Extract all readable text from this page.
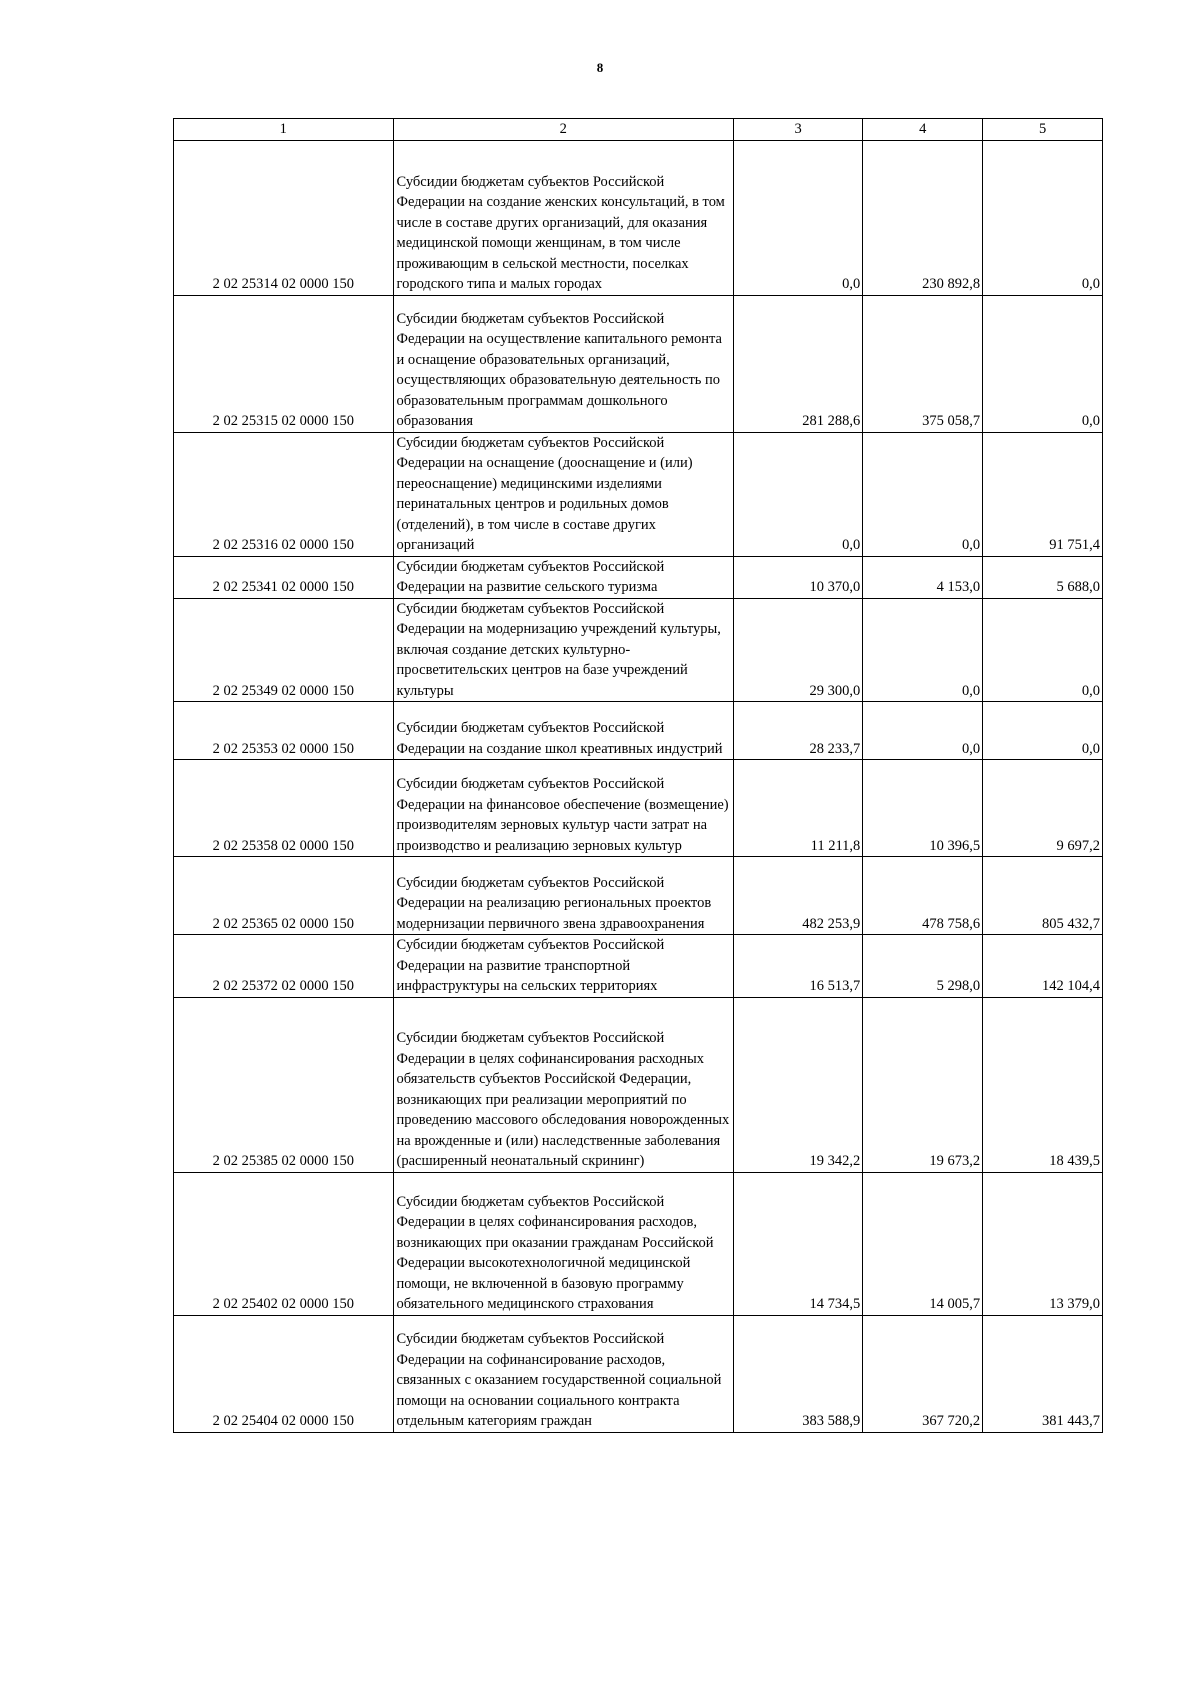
8
1	2	3	4	5
2 02 25314 02 0000 150	Субсидии бюджетам субъектов Российской Федерации на создание женских консультаций, в том числе в составе других организаций, для оказания медицинской помощи женщинам, в том числе проживающим в сельской местности, поселках городского типа и малых городах	0,0	230 892,8	0,0
2 02 25315 02 0000 150	Субсидии бюджетам субъектов Российской Федерации на осуществление капитального ремонта и оснащение образовательных организаций, осуществляющих образовательную деятельность по образовательным программам дошкольного образования	281 288,6	375 058,7	0,0
2 02 25316 02 0000 150	Субсидии бюджетам субъектов Российской Федерации на оснащение (дооснащение и (или) переоснащение) медицинскими изделиями перинатальных центров и родильных домов (отделений), в том числе в составе других организаций	0,0	0,0	91 751,4
2 02 25341 02 0000 150	Субсидии бюджетам субъектов Российской Федерации на развитие сельского туризма	10 370,0	4 153,0	5 688,0
2 02 25349 02 0000 150	Субсидии бюджетам субъектов Российской Федерации на модернизацию учреждений культуры, включая создание детских культурно-просветительских центров на базе учреждений культуры	29 300,0	0,0	0,0
2 02 25353 02 0000 150	Субсидии бюджетам субъектов Российской Федерации на создание школ креативных индустрий	28 233,7	0,0	0,0
2 02 25358 02 0000 150	Субсидии бюджетам субъектов Российской Федерации на финансовое обеспечение (возмещение) производителям зерновых культур части затрат на производство и реализацию зерновых культур	11 211,8	10 396,5	9 697,2
2 02 25365 02 0000 150	Субсидии бюджетам субъектов Российской Федерации на реализацию региональных проектов модернизации первичного звена здравоохранения	482 253,9	478 758,6	805 432,7
2 02 25372 02 0000 150	Субсидии бюджетам субъектов Российской Федерации на развитие транспортной инфраструктуры на сельских территориях	16 513,7	5 298,0	142 104,4
2 02 25385 02 0000 150	Субсидии бюджетам субъектов Российской Федерации в целях софинансирования расходных обязательств субъектов Российской Федерации, возникающих при реализации мероприятий по проведению массового обследования новорожденных на врожденные и (или) наследственные заболевания (расширенный неонатальный скрининг)	19 342,2	19 673,2	18 439,5
2 02 25402 02 0000 150	Субсидии бюджетам субъектов Российской Федерации в целях софинансирования расходов, возникающих при оказании гражданам Российской Федерации высокотехнологичной медицинской помощи, не включенной в базовую программу обязательного медицинского страхования	14 734,5	14 005,7	13 379,0
2 02 25404 02 0000 150	Субсидии бюджетам субъектов Российской Федерации на софинансирование расходов, связанных с оказанием государственной социальной помощи на основании социального контракта отдельным категориям граждан	383 588,9	367 720,2	381 443,7
